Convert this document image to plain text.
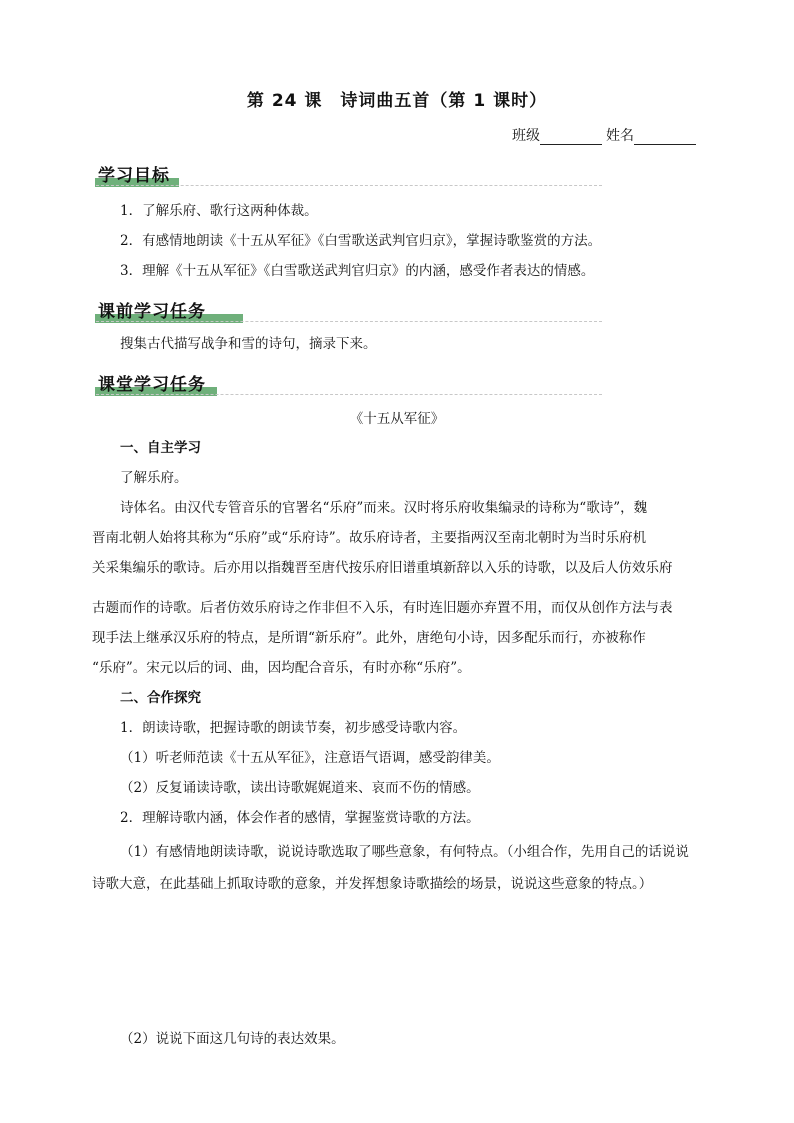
第 24 课　诗词曲五首（第 1 课时）
班级	姓名
学习目标
1．了解乐府、歌行这两种体裁。
2．有感情地朗读《十五从军征》《白雪歌送武判官归京》，掌握诗歌鉴赏的方法。
3．理解《十五从军征》《白雪歌送武判官归京》的内涵，感受作者表达的情感。
课前学习任务
搜集古代描写战争和雪的诗句，摘录下来。
课堂学习任务
《十五从军征》
一、自主学习
了解乐府。
诗体名。由汉代专管音乐的官署名“乐府”而来。汉时将乐府收集编录的诗称为“歌诗”，魏
晋南北朝人始将其称为“乐府”或“乐府诗”。故乐府诗者，主要指两汉至南北朝时为当时乐府机
关采集编乐的歌诗。后亦用以指魏晋至唐代按乐府旧谱重填新辞以入乐的诗歌，以及后人仿效乐府
古题而作的诗歌。后者仿效乐府诗之作非但不入乐，有时连旧题亦弃置不用，而仅从创作方法与表
现手法上继承汉乐府的特点，是所谓“新乐府”。此外，唐绝句小诗，因多配乐而行，亦被称作
“乐府”。宋元以后的词、曲，因均配合音乐，有时亦称“乐府”。
二、合作探究
1．朗读诗歌，把握诗歌的朗读节奏，初步感受诗歌内容。
（1）听老师范读《十五从军征》，注意语气语调，感受韵律美。
（2）反复诵读诗歌，读出诗歌娓娓道来、哀而不伤的情感。
2．理解诗歌内涵，体会作者的感情，掌握鉴赏诗歌的方法。
（1）有感情地朗读诗歌，说说诗歌选取了哪些意象，有何特点。（小组合作，先用自己的话说说
诗歌大意，在此基础上抓取诗歌的意象，并发挥想象诗歌描绘的场景，说说这些意象的特点。）
（2）说说下面这几句诗的表达效果。
